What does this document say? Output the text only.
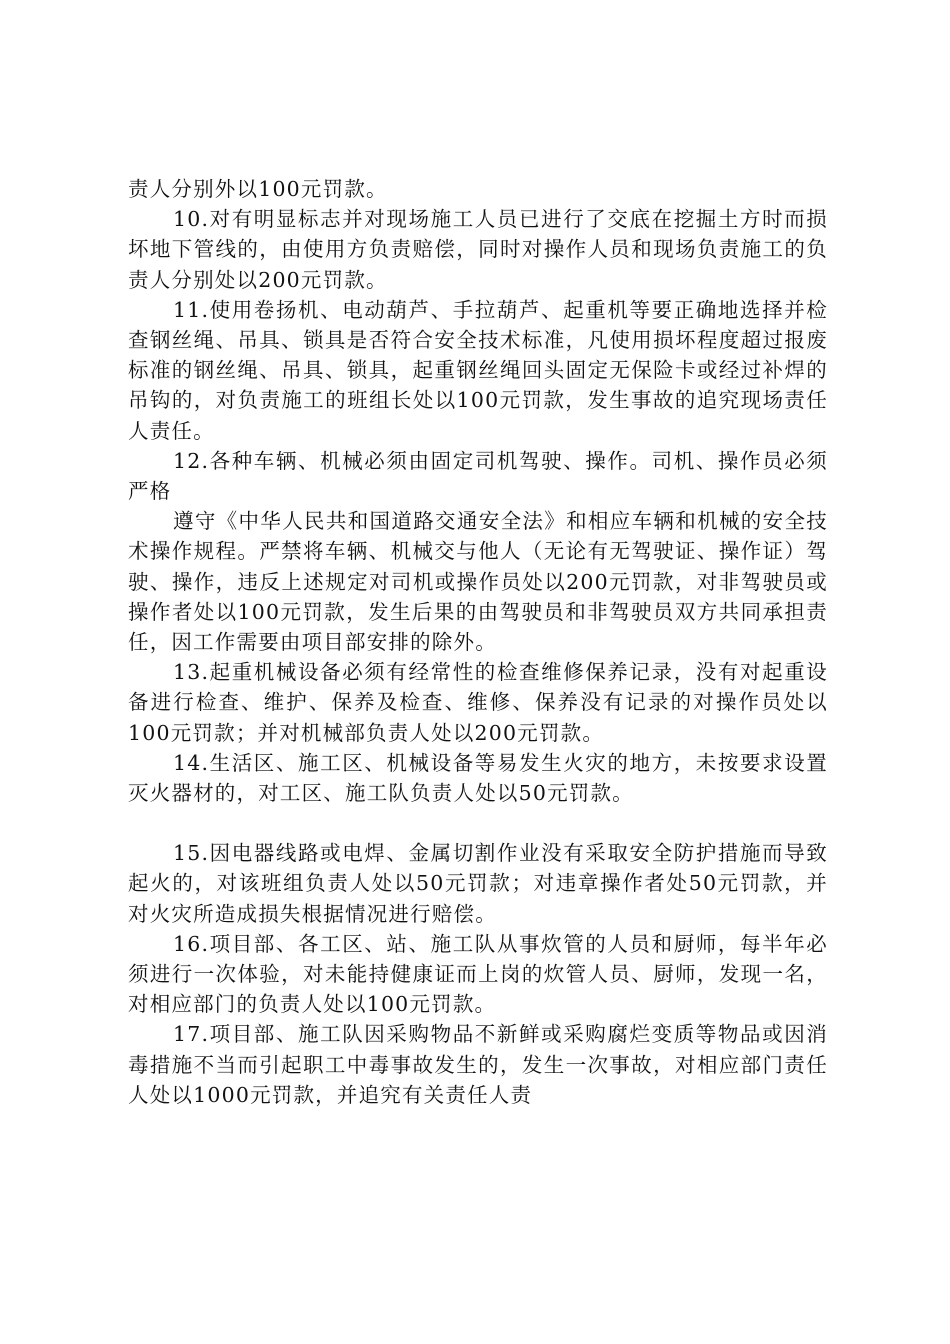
责人分别外以100元罚款。

10.对有明显标志并对现场施工人员已进行了交底在挖掘土方时而损坏地下管线的，由使用方负责赔偿，同时对操作人员和现场负责施工的负责人分别处以200元罚款。

11.使用卷扬机、电动葫芦、手拉葫芦、起重机等要正确地选择并检查钢丝绳、吊具、锁具是否符合安全技术标准，凡使用损坏程度超过报废标准的钢丝绳、吊具、锁具，起重钢丝绳回头固定无保险卡或经过补焊的吊钩的，对负责施工的班组长处以100元罚款，发生事故的追究现场责任人责任。

12.各种车辆、机械必须由固定司机驾驶、操作。司机、操作员必须严格

遵守《中华人民共和国道路交通安全法》和相应车辆和机械的安全技术操作规程。严禁将车辆、机械交与他人（无论有无驾驶证、操作证）驾驶、操作，违反上述规定对司机或操作员处以200元罚款，对非驾驶员或操作者处以100元罚款，发生后果的由驾驶员和非驾驶员双方共同承担责任，因工作需要由项目部安排的除外。

13.起重机械设备必须有经常性的检查维修保养记录，没有对起重设备进行检查、维护、保养及检查、维修、保养没有记录的对操作员处以100元罚款；并对机械部负责人处以200元罚款。

14.生活区、施工区、机械设备等易发生火灾的地方，未按要求设置灭火器材的，对工区、施工队负责人处以50元罚款。

15.因电器线路或电焊、金属切割作业没有采取安全防护措施而导致起火的，对该班组负责人处以50元罚款；对违章操作者处50元罚款，并对火灾所造成损失根据情况进行赔偿。

16.项目部、各工区、站、施工队从事炊管的人员和厨师，每半年必须进行一次体验，对未能持健康证而上岗的炊管人员、厨师，发现一名，对相应部门的负责人处以100元罚款。

17.项目部、施工队因采购物品不新鲜或采购腐烂变质等物品或因消毒措施不当而引起职工中毒事故发生的，发生一次事故，对相应部门责任人处以1000元罚款，并追究有关责任人责
